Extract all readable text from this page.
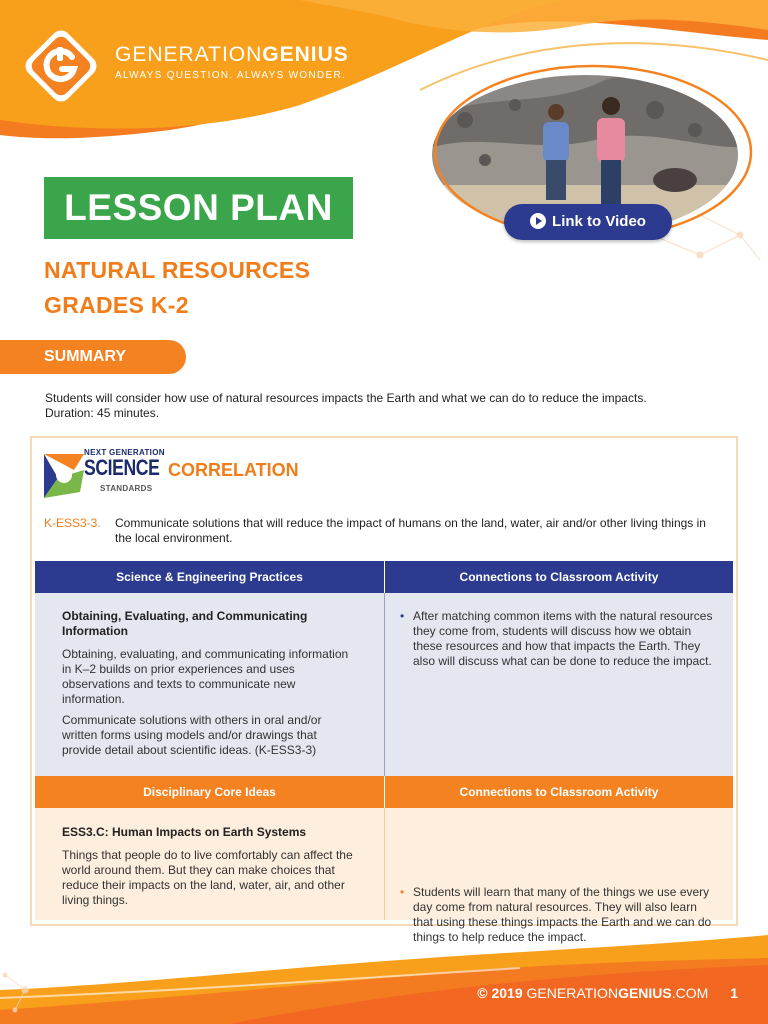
GENERATIONGENIUS
ALWAYS QUESTION. ALWAYS WONDER.
Link to Video
LESSON PLAN
NATURAL RESOURCES
GRADES K-2
SUMMARY
Students will consider how use of natural resources impacts the Earth and what we can do to reduce the impacts.
Duration: 45 minutes.
NEXT GENERATION
SCIENCE
STANDARDS
CORRELATION
K-ESS3-3. Communicate solutions that will reduce the impact of humans on the land, water, air and/or other living things in the local environment.
Science & Engineering Practices	Connections to Classroom Activity
Obtaining, Evaluating, and Communicating Information
Obtaining, evaluating, and communicating information in K–2 builds on prior experiences and uses observations and texts to communicate new information.
Communicate solutions with others in oral and/or written forms using models and/or drawings that provide detail about scientific ideas. (K-ESS3-3)
• After matching common items with the natural resources they come from, students will discuss how we obtain these resources and how that impacts the Earth. They also will discuss what can be done to reduce the impact.
Disciplinary Core Ideas	Connections to Classroom Activity
ESS3.C: Human Impacts on Earth Systems
Things that people do to live comfortably can affect the world around them. But they can make choices that reduce their impacts on the land, water, air, and other living things.
• Students will learn that many of the things we use every day come from natural resources. They will also learn that using these things impacts the Earth and we can do things to help reduce the impact.
© 2019 GENERATIONGENIUS.COM 1
